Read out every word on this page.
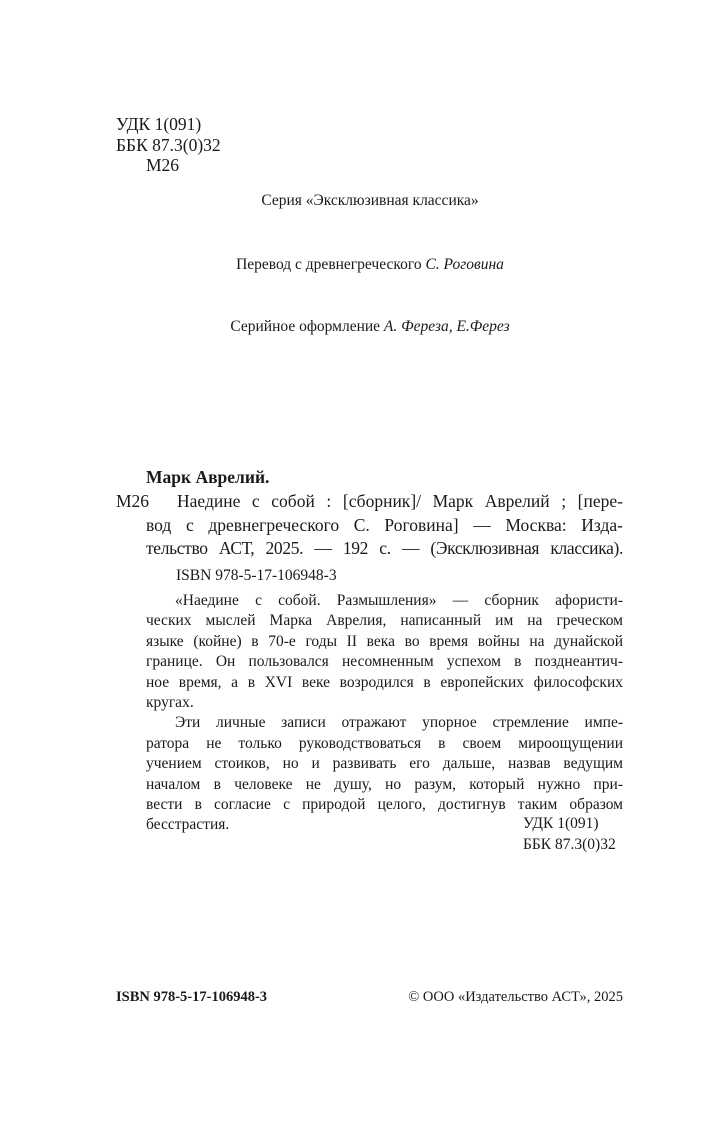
УДК 1(091)
ББК 87.3(0)32
М26
Серия «Эксклюзивная классика»
Перевод с древнегреческого С. Роговина
Серийное оформление А. Фереза, Е.Ферез
Марк Аврелий.
М26	Наедине с собой : [сборник]/ Марк Аврелий ; [пере-
вод с древнегреческого С. Роговина] — Москва: Изда-
тельство АСТ, 2025. — 192 с. — (Эксклюзивная классика).
ISBN 978-5-17-106948-3
«Наедине с собой. Размышления» — сборник афористи-
ческих мыслей Марка Аврелия, написанный им на греческом
языке (койне) в 70-е годы II века во время войны на дунайской
границе. Он пользовался несомненным успехом в позднеантич-
ное время, а в XVI веке возродился в европейских философских
кругах.
Эти личные записи отражают упорное стремление импе-
ратора не только руководствоваться в своем мироощущении
учением стоиков, но и развивать его дальше, назвав ведущим
началом в человеке не душу, но разум, который нужно при-
вести в согласие с природой целого, достигнув таким образом
бесстрастия.	УДК 1(091)
ББК 87.3(0)32
ISBN 978-5-17-106948-3	© ООО «Издательство АСТ», 2025
